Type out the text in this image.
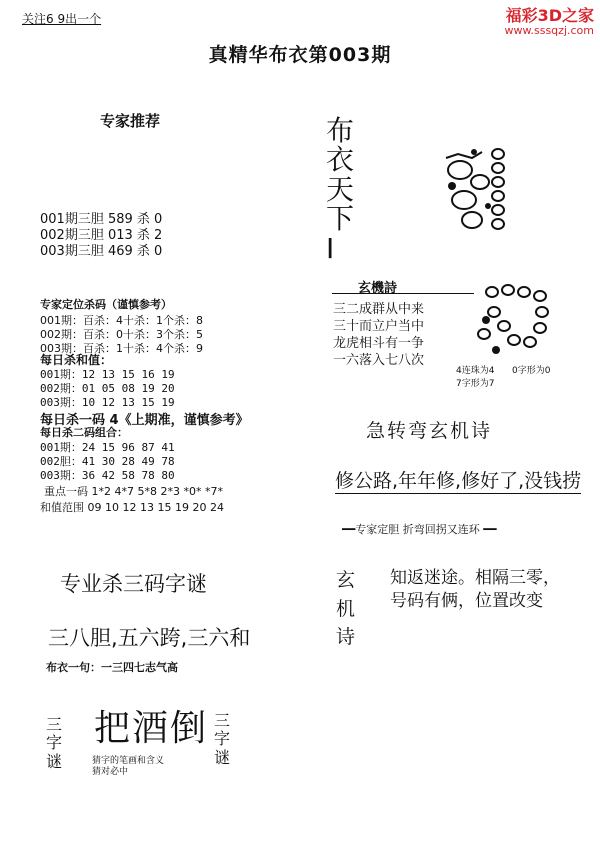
关注6 9出一个	福彩3D之家
www.sssqzj.com
真精华布衣第003期
专家推荐
001期三胆 589 杀 0
002期三胆 013 杀 2
003期三胆 469 杀 0
专家定位杀码（谨慎参考）
001期：百杀：4十杀：1个杀：8
002期：百杀：0十杀：3个杀：5
003期：百杀：1十杀：4个杀：9
每日杀和值：
001期：12 13 15 16 19
002期：01 05 08 19 20
003期：10 12 13 15 19
每日杀一码 4《上期准，谨慎参考》
每日杀二码组合：
001期：24 15 96 87 41
002胆：41 30 28 49 78
003期：36 42 58 78 80
重点一码 1*2 4*7 5*8 2*3 *0* *7*
和值范围 09 10 12 13 15 19 20 24
专业杀三码字谜
三八胆,五六跨,三六和
布衣一句：一三四七志气高
三字谜
把酒倒 三字谜
猜字的笔画和含义猜对必中
布衣天下I
玄機詩
三二成群从中来
三十而立户当中
龙虎相斗有一争
一六落入七八次
4连珠为4 0字形为0
7字形为7
急转弯玄机诗
修公路,年年修,修好了,没钱捞
━━专家定胆 折弯回拐又连环 ━━
玄机诗
知返迷途。相隔三零，
号码有俩，位置改变
